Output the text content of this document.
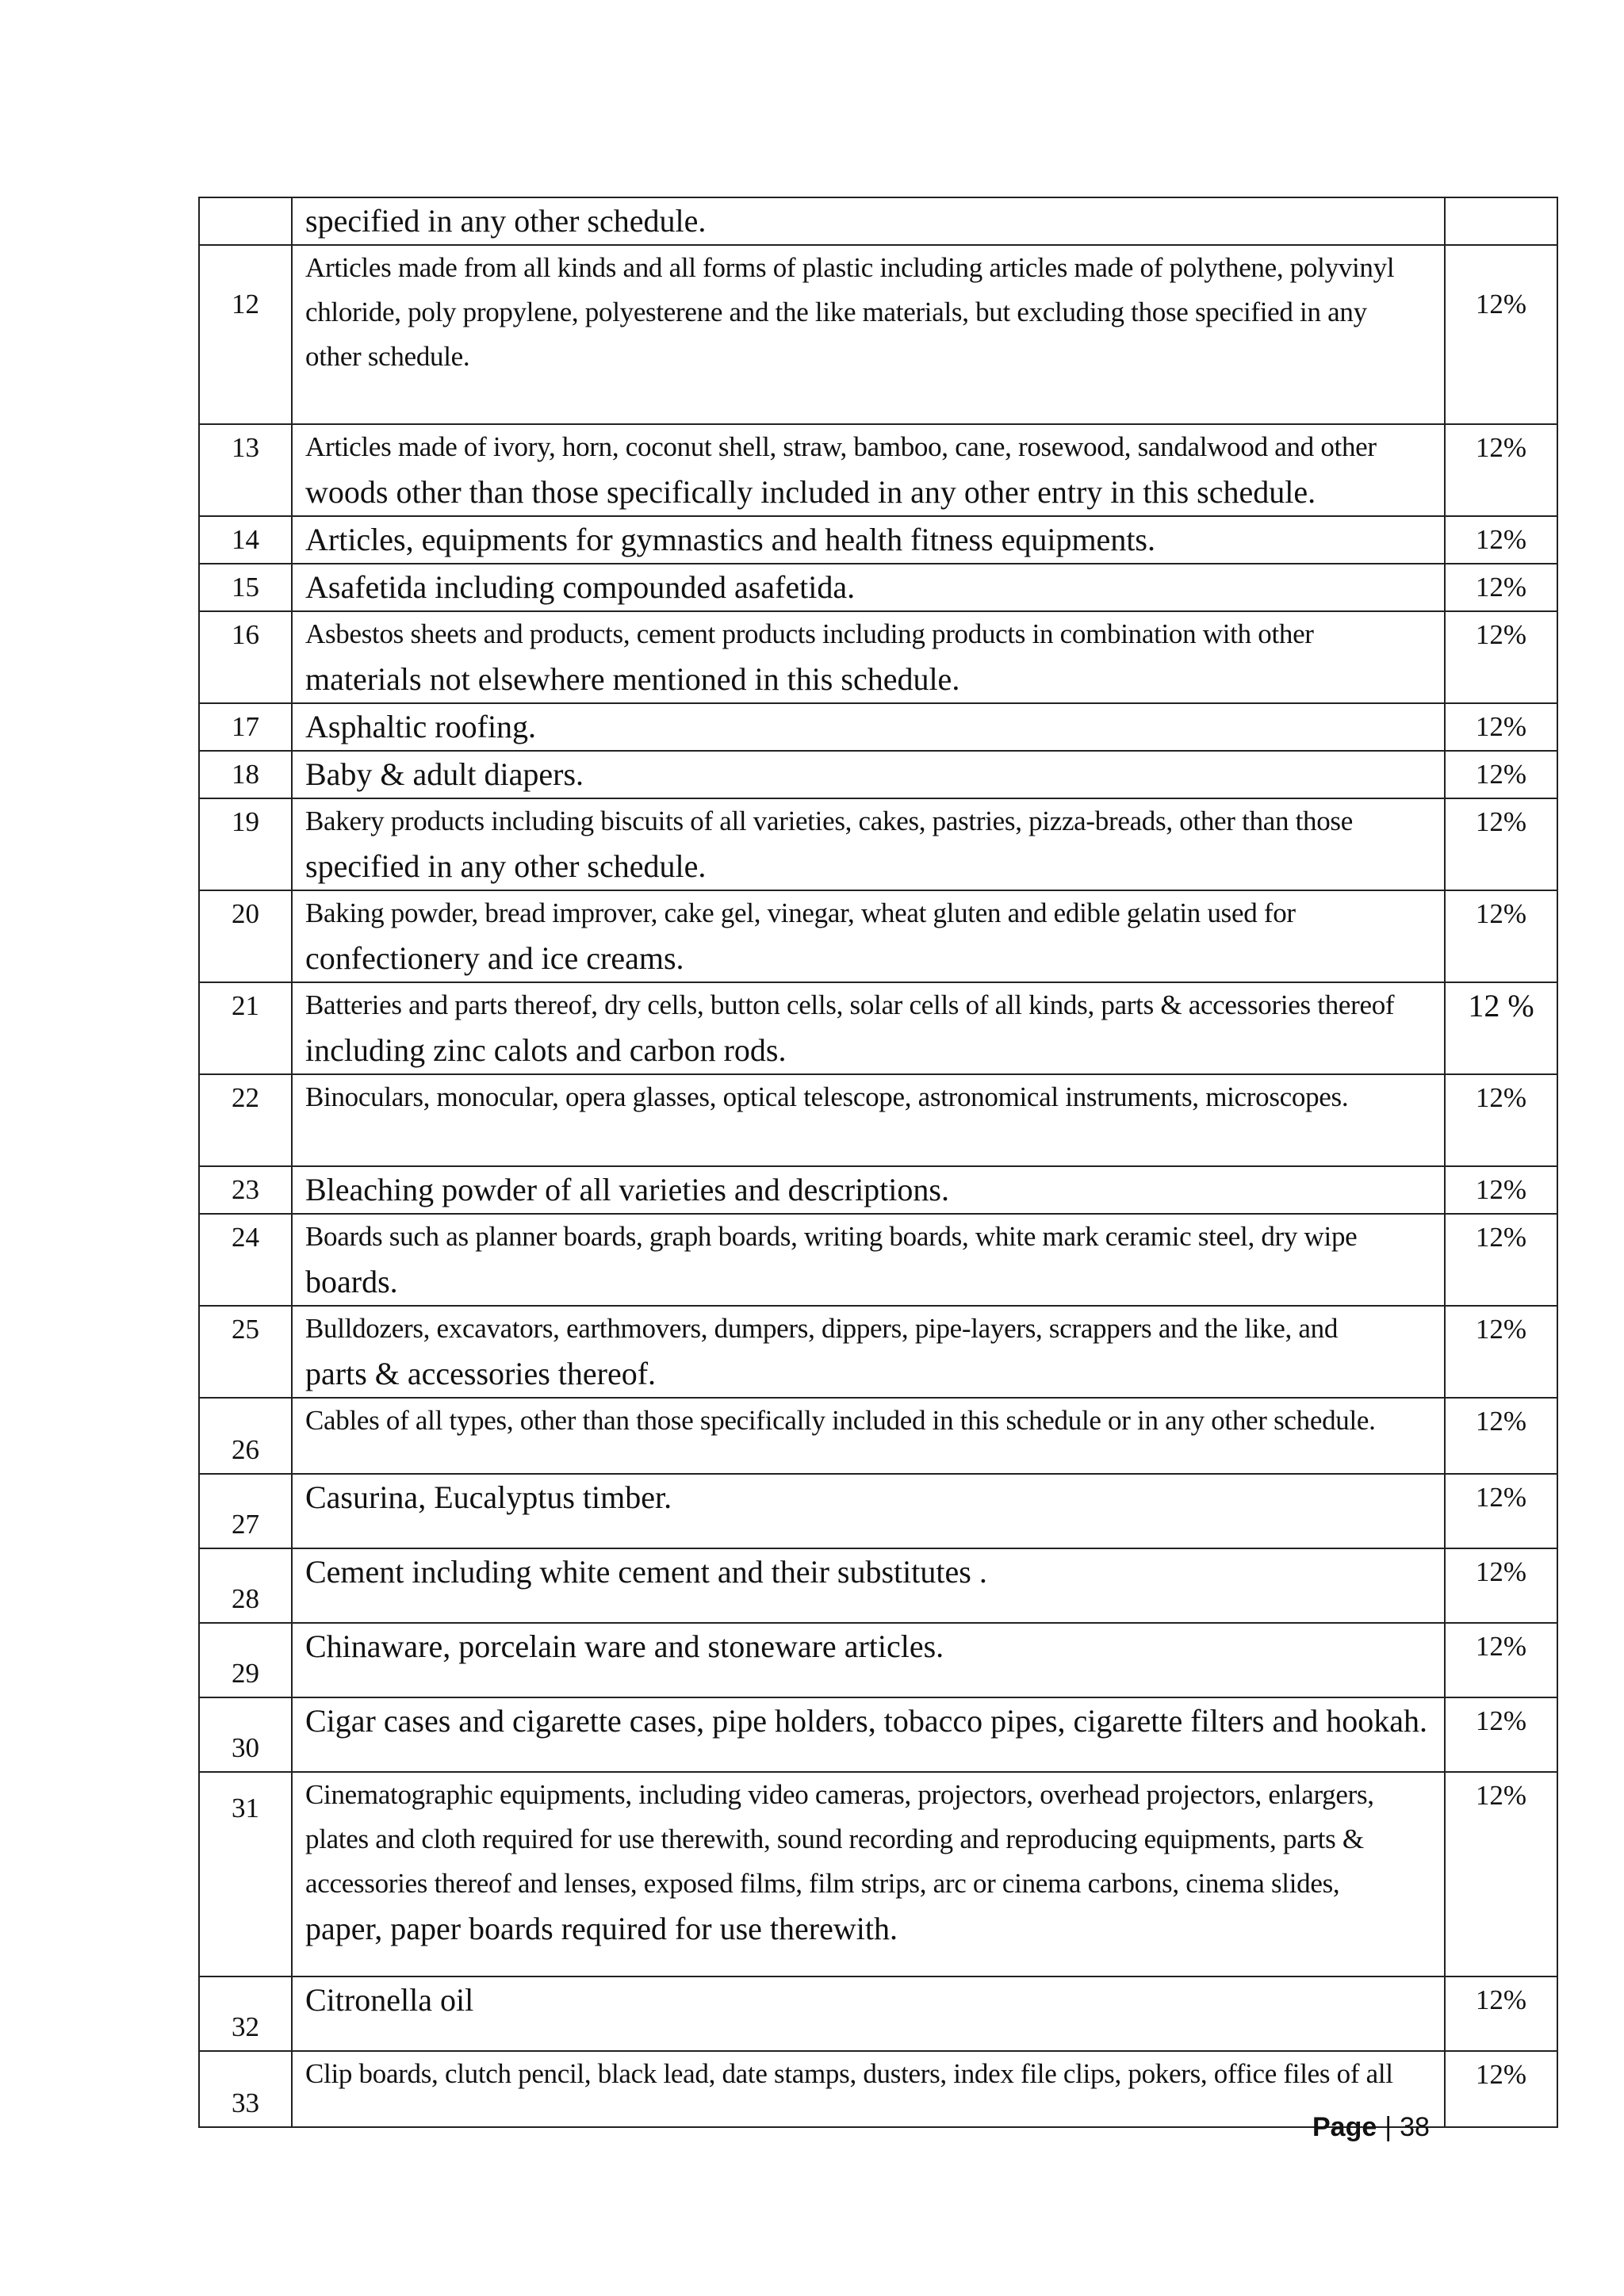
	specified in any other schedule.	

12	Articles made from all kinds and all forms of plastic including articles made of polythene, polyvinyl
chloride, poly propylene, polyesterene and the like materials, but excluding those specified in any
other schedule.	12%
13	Articles made of ivory, horn, coconut shell, straw, bamboo, cane, rosewood, sandalwood and other
woods other than those specifically included in any other entry in this schedule.	12%
14	Articles, equipments for gymnastics and health fitness equipments.	12%
15	Asafetida including compounded asafetida.	12%
16	Asbestos sheets and products, cement products including products in combination with other
materials not elsewhere mentioned in this schedule.	12%
17	Asphaltic roofing.	12%
18	Baby & adult diapers.	12%
19	Bakery products including biscuits of all varieties, cakes, pastries, pizza-breads, other than those
specified in any other schedule.	12%
20	Baking powder, bread improver, cake gel, vinegar, wheat gluten and edible gelatin used for
confectionery and ice creams.	12%
21	Batteries and parts thereof, dry cells, button cells, solar cells of all kinds, parts & accessories thereof
including zinc calots and carbon rods.	12 %
22	Binoculars, monocular, opera glasses, optical telescope, astronomical instruments, microscopes.	12%
23	Bleaching powder of all varieties and descriptions.	12%
24	Boards such as planner boards, graph boards, writing boards, white mark ceramic steel, dry wipe
boards.	12%
25	Bulldozers, excavators, earthmovers, dumpers, dippers, pipe-layers, scrappers and the like, and
parts & accessories thereof.	12%
26	Cables of all types, other than those specifically included in this schedule or in any other schedule.	12%
27	Casurina, Eucalyptus timber.	12%
28	Cement including white cement and their substitutes .	12%
29	Chinaware, porcelain ware and stoneware articles.	12%
30	Cigar cases and cigarette cases, pipe holders, tobacco pipes, cigarette filters and hookah.	12%
31	Cinematographic equipments, including video cameras, projectors, overhead projectors, enlargers,
plates and cloth required for use therewith, sound recording and reproducing equipments, parts &
accessories thereof and lenses, exposed films, film strips, arc or cinema carbons, cinema slides,
paper, paper boards required for use therewith.	12%
32	Citronella oil	12%
33	Clip boards, clutch pencil, black lead, date stamps, dusters, index file clips, pokers, office files of all	12%
Page | 38
